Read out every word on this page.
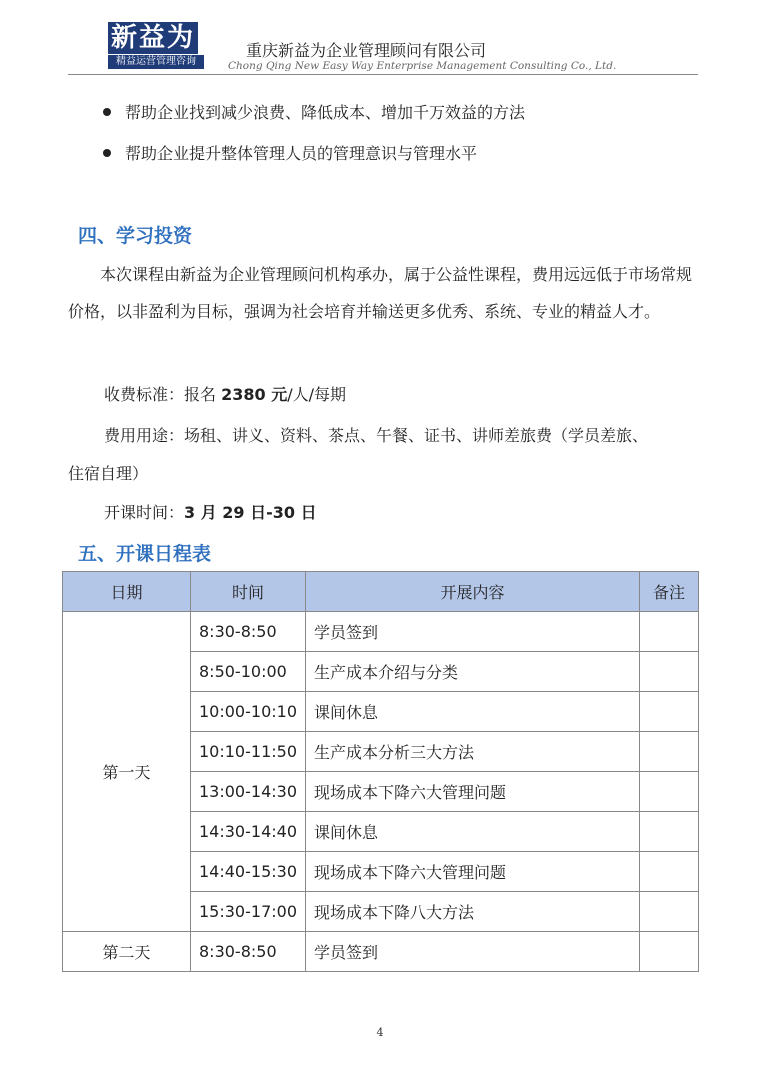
新益为
精益运营管理咨询
重庆新益为企业管理顾问有限公司
Chong Qing New Easy Way Enterprise Management Consulting Co., Ltd.
帮助企业找到减少浪费、降低成本、增加千万效益的方法
帮助企业提升整体管理人员的管理意识与管理水平
四、学习投资
本次课程由新益为企业管理顾问机构承办，属于公益性课程，费用远远低于市场常规价格，以非盈利为目标，强调为社会培育并输送更多优秀、系统、专业的精益人才。
收费标准：报名 2380 元/人/每期
费用用途：场租、讲义、资料、茶点、午餐、证书、讲师差旅费（学员差旅、
住宿自理）
开课时间：3 月 29 日-30 日
五、开课日程表
日期	时间	开展内容	备注
第一天	8:30-8:50	学员签到	
	8:50-10:00	生产成本介绍与分类	
	10:00-10:10	课间休息	
	10:10-11:50	生产成本分析三大方法	
	13:00-14:30	现场成本下降六大管理问题	
	14:30-14:40	课间休息	
	14:40-15:30	现场成本下降六大管理问题	
	15:30-17:00	现场成本下降八大方法	
第二天	8:30-8:50	学员签到	
4
